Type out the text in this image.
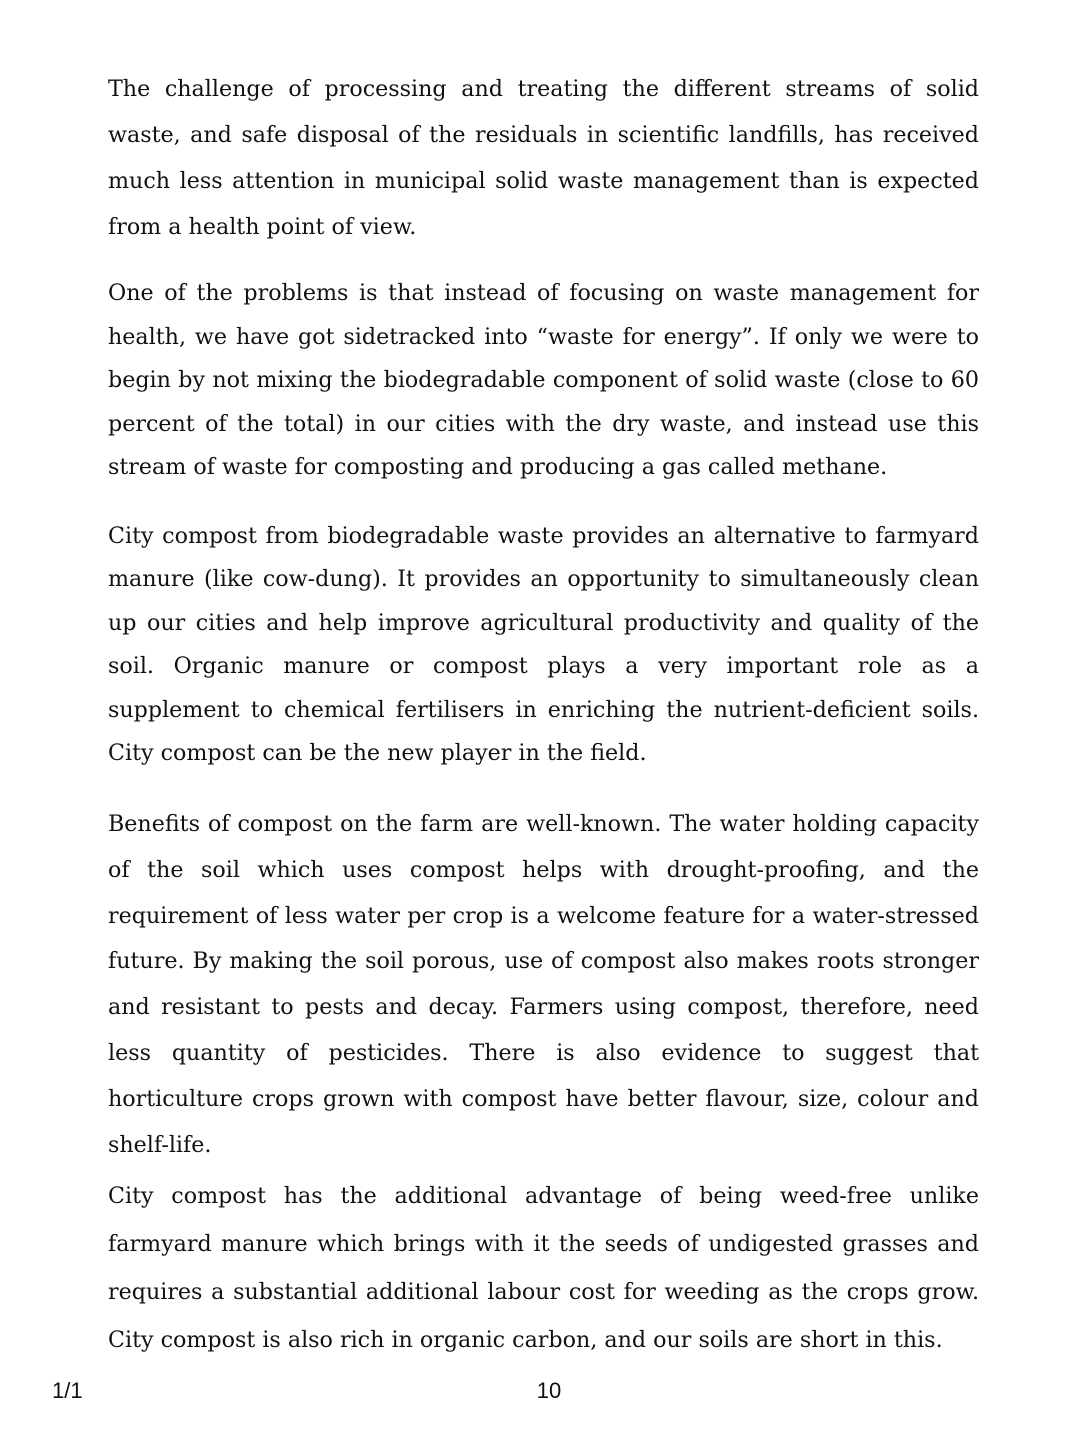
The challenge of processing and treating the different streams of solid waste, and safe disposal of the residuals in scientific landfills, has received much less attention in municipal solid waste management than is expected from a health point of view.

One of the problems is that instead of focusing on waste management for health, we have got sidetracked into “waste for energy”. If only we were to begin by not mixing the biodegradable component of solid waste (close to 60 percent of the total) in our cities with the dry waste, and instead use this stream of waste for composting and producing a gas called methane.

City compost from biodegradable waste provides an alternative to farmyard manure (like cow-dung). It provides an opportunity to simultaneously clean up our cities and help improve agricultural productivity and quality of the soil. Organic manure or compost plays a very important role as a supplement to chemical fertilisers in enriching the nutrient-deficient soils. City compost can be the new player in the field.

Benefits of compost on the farm are well-known. The water holding capacity of the soil which uses compost helps with drought-proofing, and the requirement of less water per crop is a welcome feature for a water-stressed future. By making the soil porous, use of compost also makes roots stronger and resistant to pests and decay. Farmers using compost, therefore, need less quantity of pesticides. There is also evidence to suggest that horticulture crops grown with compost have better flavour, size, colour and shelf-life.

City compost has the additional advantage of being weed-free unlike farmyard manure which brings with it the seeds of undigested grasses and requires a substantial additional labour cost for weeding as the crops grow. City compost is also rich in organic carbon, and our soils are short in this.

1/1	10
